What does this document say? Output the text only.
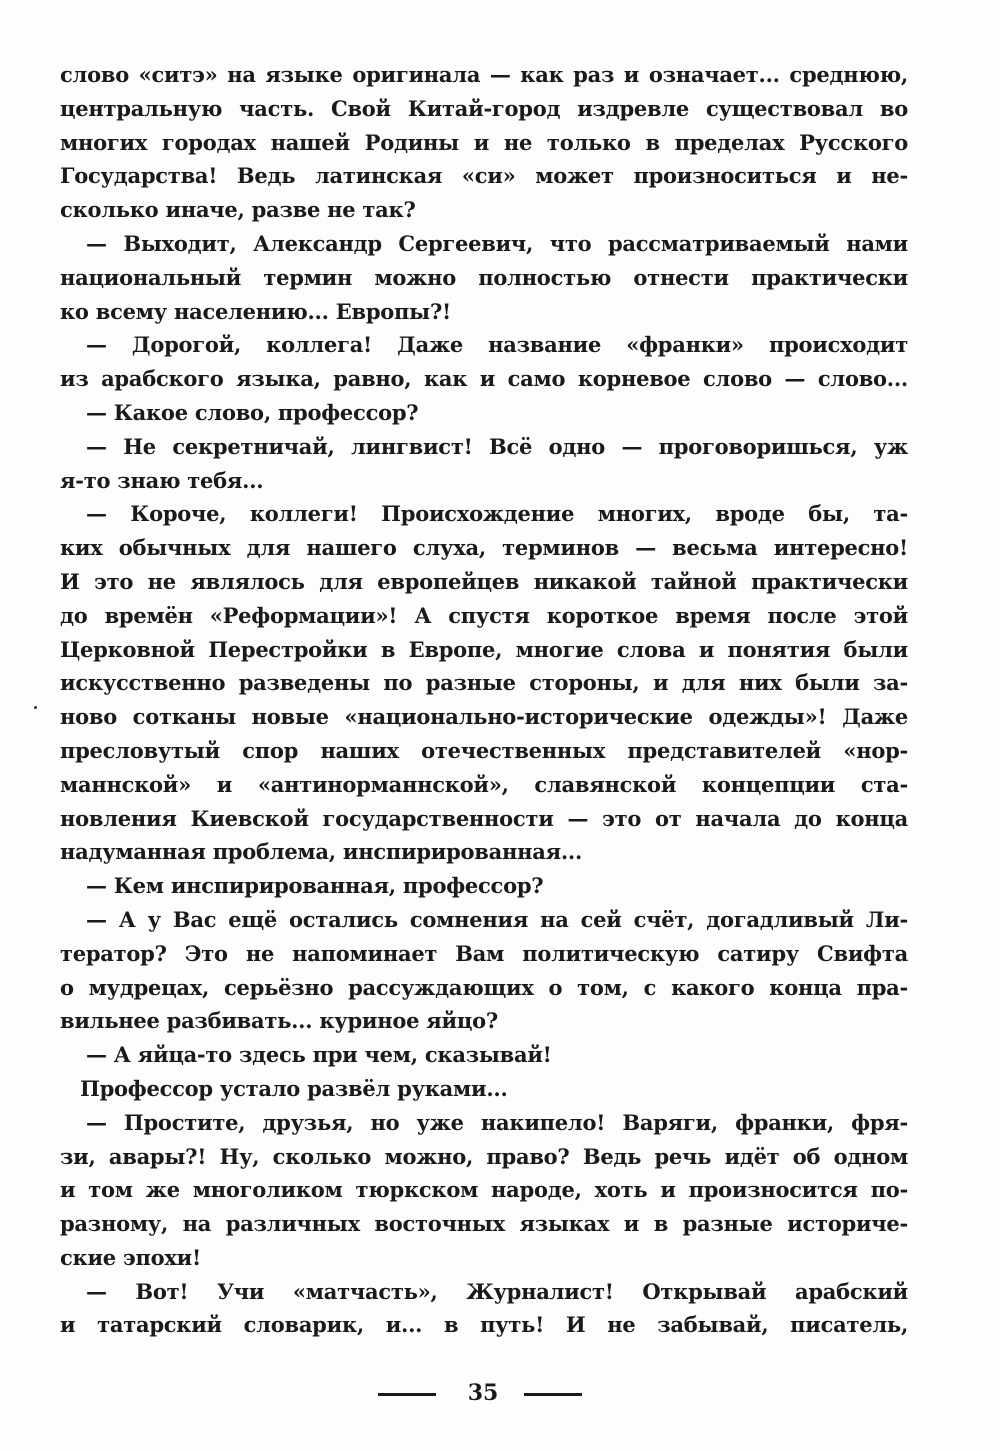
слово «ситэ» на языке оригинала — как раз и означает... среднюю,
центральную часть. Свой Китай-город издревле существовал во
многих городах нашей Родины и не только в пределах Русского
Государства! Ведь латинская «си» может произноситься и не-
сколько иначе, разве не так?
— Выходит, Александр Сергеевич, что рассматриваемый нами
национальный термин можно полностью отнести практически
ко всему населению... Европы?!
— Дорогой, коллега! Даже название «франки» происходит
из арабского языка, равно, как и само корневое слово — слово...
— Какое слово, профессор?
— Не секретничай, лингвист! Всё одно — проговоришься, уж
я-то знаю тебя...
— Короче, коллеги! Происхождение многих, вроде бы, та-
ких обычных для нашего слуха, терминов — весьма интересно!
И это не являлось для европейцев никакой тайной практически
до времён «Реформации»! А спустя короткое время после этой
Церковной Перестройки в Европе, многие слова и понятия были
искусственно разведены по разные стороны, и для них были за-
ново сотканы новые «национально-исторические одежды»! Даже
пресловутый спор наших отечественных представителей «нор-
маннской» и «антинорманнской», славянской концепции ста-
новления Киевской государственности — это от начала до конца
надуманная проблема, инспирированная...
— Кем инспирированная, профессор?
— А у Вас ещё остались сомнения на сей счёт, догадливый Ли-
тератор? Это не напоминает Вам политическую сатиру Свифта
о мудрецах, серьёзно рассуждающих о том, с какого конца пра-
вильнее разбивать... куриное яйцо?
— А яйца-то здесь при чем, сказывай!
Профессор устало развёл руками...
— Простите, друзья, но уже накипело! Варяги, франки, фря-
зи, авары?! Ну, сколько можно, право? Ведь речь идёт об одном
и том же многоликом тюркском народе, хоть и произносится по-
разному, на различных восточных языках и в разные историче-
ские эпохи!
— Вот! Учи «матчасть», Журналист! Открывай арабский
и татарский словарик, и... в путь! И не забывай, писатель,
35
